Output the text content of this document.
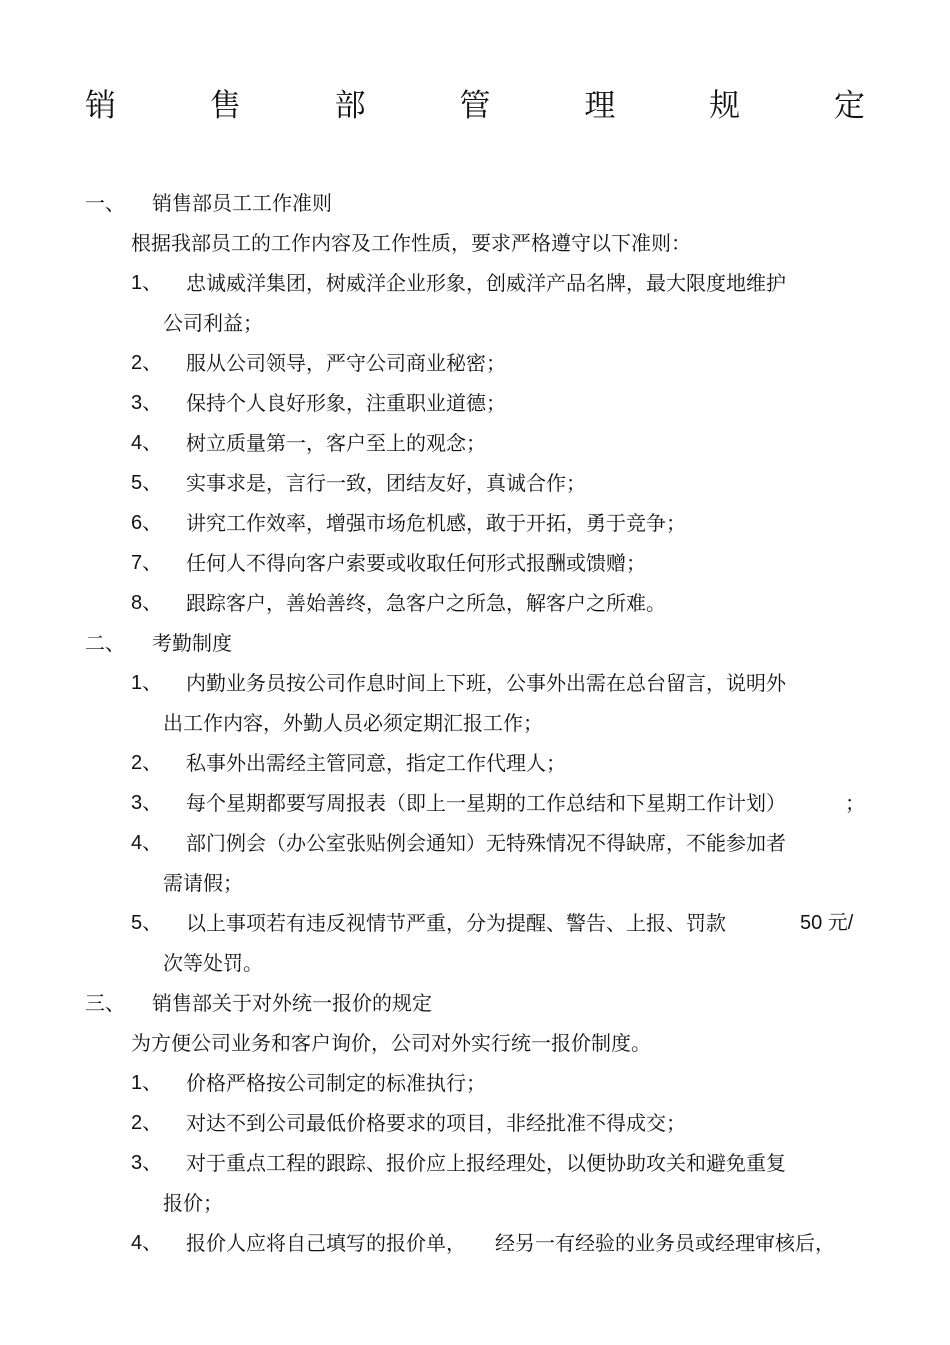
销	售	部	管	理	规	定
一、 销售部员工工作准则
根据我部员工的工作内容及工作性质，要求严格遵守以下准则：
1、 忠诚威洋集团，树威洋企业形象，创威洋产品名牌，最大限度地维护
公司利益；
2、 服从公司领导，严守公司商业秘密；
3、 保持个人良好形象，注重职业道德；
4、 树立质量第一，客户至上的观念；
5、 实事求是，言行一致，团结友好，真诚合作；
6、 讲究工作效率，增强市场危机感，敢于开拓，勇于竞争；
7、 任何人不得向客户索要或收取任何形式报酬或馈赠；
8、 跟踪客户，善始善终，急客户之所急，解客户之所难。
二、 考勤制度
1、 内勤业务员按公司作息时间上下班，公事外出需在总台留言，说明外
出工作内容，外勤人员必须定期汇报工作；
2、 私事外出需经主管同意，指定工作代理人；
3、 每个星期都要写周报表（即上一星期的工作总结和下星期工作计划）	；
4、 部门例会（办公室张贴例会通知）无特殊情况不得缺席，不能参加者
需请假；
5、 以上事项若有违反视情节严重，分为提醒、警告、上报、罚款	50 元/
次等处罚。
三、 销售部关于对外统一报价的规定
为方便公司业务和客户询价，公司对外实行统一报价制度。
1、 价格严格按公司制定的标准执行；
2、 对达不到公司最低价格要求的项目，非经批准不得成交；
3、 对于重点工程的跟踪、报价应上报经理处，以便协助攻关和避免重复
报价；
4、 报价人应将自己填写的报价单， 经另一有经验的业务员或经理审核后，
